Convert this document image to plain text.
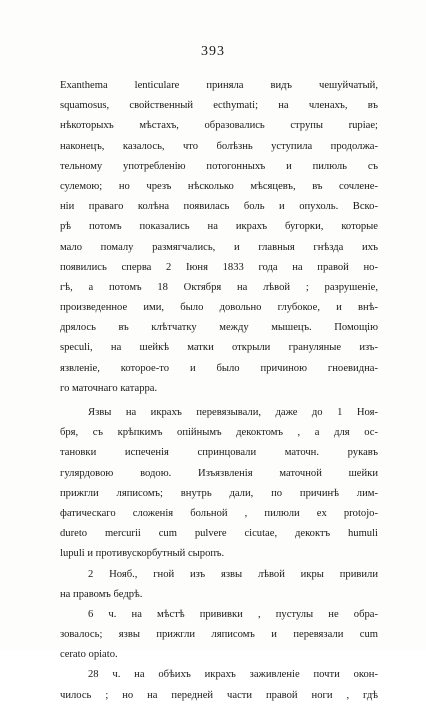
393
Exanthema lenticulare приняла видъ чешуйчатый,
squamosus, свойственный ecthymati; на членахъ, въ
нѣкоторыхъ мѣстахъ, образовались струпы rupiae;
наконецъ, казалось, что болѣзнь уступила продолжа-
тельному употребленію потогонныхъ и пилюль съ
сулемою; но чрезъ нѣсколько мѣсяцевъ, въ сочлене-
ніи праваго колѣна появилась боль и опухоль. Вско-
рѣ потомъ показались на икрахъ бугорки, которые
мало помалу размягчались, и главныя гнѣзда ихъ
появились сперва 2 Іюня 1833 года на правой но-
гѣ, а потомъ 18 Октября на лѣвой ; разрушеніе,
произведенное ими, было довольно глубокое, и внѣ-
дрялось въ клѣтчатку между мышецъ. Помощію
speculi, на шейкѣ матки открыли грануляные изъ-
язвленіе, которое-то и было причиною гноевидна-
го маточнаго катарра.
Язвы на икрахъ перевязывали, даже до 1 Ноя-
бря, съ крѣпкимъ опійнымъ декоктомъ , а для ос-
тановки испеченія спринцовали маточн. рукавъ
гулярдовою водою. Изъязвленія маточной шейки
прижгли ляписомъ; внутрь дали, по причинѣ лим-
фатическаго сложенія больной , пилюли ex protojo-
dureto mercurii cum pulvere cicutae, декоктъ humuli
lupuli и противускорбутный сыропъ.
2 Нояб., гной изъ язвы лѣвой икры привили
на правомъ бедрѣ.
6 ч. на мѣстѣ прививки , пустулы не обра-
зовалось; язвы прижгли ляписомъ и перевязали cum
cerato opiato.
28 ч. на обѣихъ икрахъ заживленіе почти окон-
чилось ; но на передней части правой ноги , гдѣ
